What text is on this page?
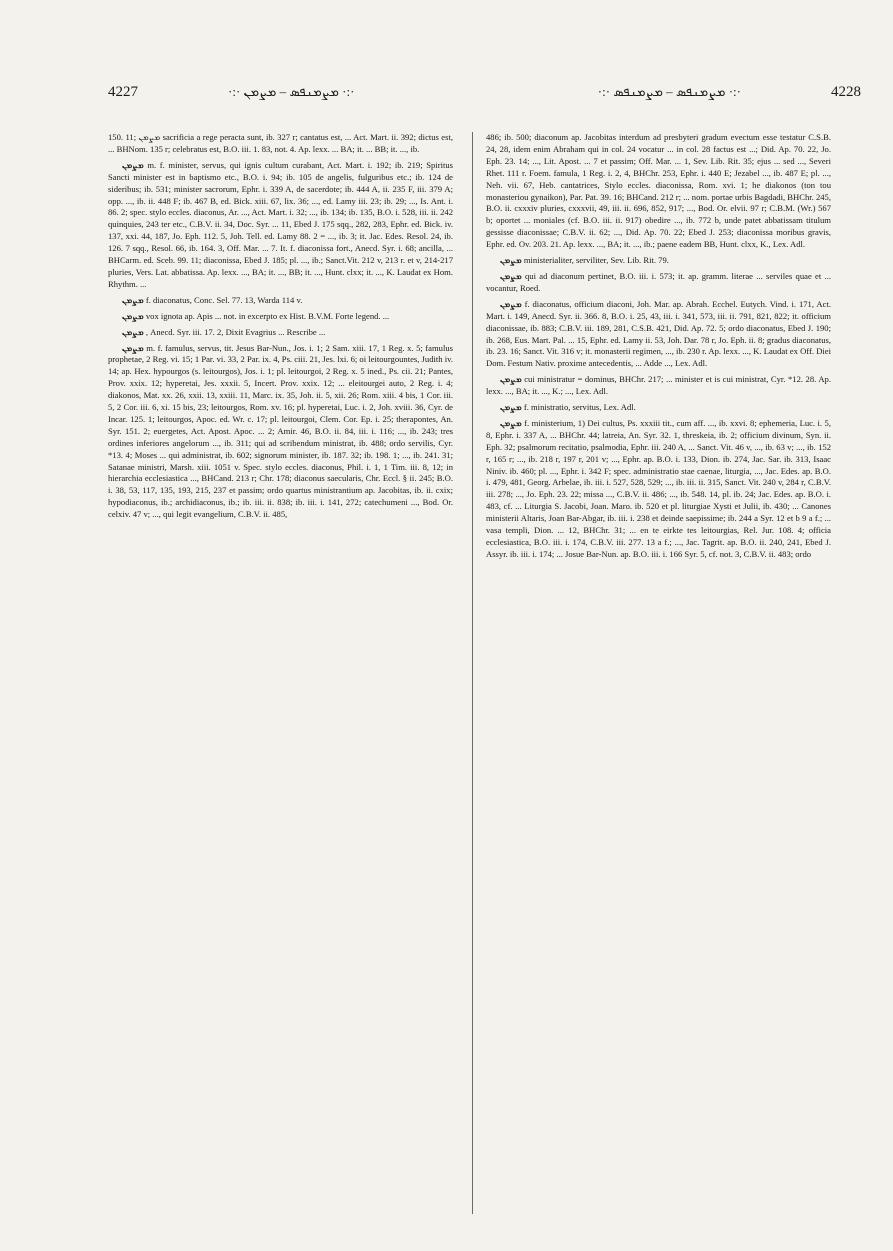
4227	·:· ܡܨܡܢܦܣ – ܡܨܡܢ ·:·	·:· ܡܨܡܢܦܣ – ܡܨܡܢܦܣ ·:·	4228

150. 11; ܡܨܡܢ sacrificia a rege peracta sunt, ib. 327 r; cantatus est, ... Act. Mart. ii. 392; dictus est, ... BHNom. 135 r; celebratus est, B.O. iii. 1. 83, not. 4. Ap. lexx. ... BA; it. ... BB; it. ..., ib.

ܡܨܡܢ m. f. minister, servus, qui ignis cultum curabant, Act. Mart. i. 192; ib. 219; Spiritus Sancti minister est in baptismo etc., B.O. i. 94; ib. 105 de angelis, fulguribus etc.; ib. 124 de sideribus; ib. 531; minister sacrorum, Ephr. i. 339 A, de sacerdote; ib. 444 A, ii. 235 F, iii. 379 A; opp. ..., ib. ii. 448 F; ib. 467 B, ed. Bick. xiii. 67, lix. 36; ..., ed. Lamy iii. 23; ib. 29; ..., Is. Ant. i. 86. 2; spec. stylo eccles. diaconus, Ar. ..., Act. Mart. i. 32; ..., ib. 134; ib. 135, B.O. i. 528, iii. ii. 242 quinquies, 243 ter etc., C.B.V. ii. 34, Doc. Syr. ... 11, Ebed J. 175 sqq., 282, 283, Ephr. ed. Bick. iv. 137, xxi. 44, 187, Jo. Eph. 112. 5, Joh. Tell. ed. Lamy 88. 2 = ..., ib. 3; it. Jac. Edes. Resol. 24, ib. 126. 7 sqq., Resol. 66, ib. 164. 3, Off. Mar. ... 7. It. f. diaconissa fort., Anecd. Syr. i. 68; ancilla, ... BHCarm. ed. Sceb. 99. 11; diaconissa, Ebed J. 185; pl. ..., ib.; Sanct.Vit. 212 v, 213 r. et v, 214-217 pluries, Vers. Lat. abbatissa. Ap. lexx. ..., BA; it. ..., BB; it. ..., Hunt. clxx; it. ..., K. Laudat ex Hom. Rhythm. ...

ܡܨܡܢ f. diaconatus, Conc. Sel. 77. 13, Warda 114 v.

ܡܨܡܢ vox ignota ap. Apis ... not. in excerpto ex Hist. B.V.M. Forte legend. ...

ܡܨܡܢ , Anecd. Syr. iii. 17. 2, Dixit Evagrius ... Rescribe ...

ܡܨܡܢ m. f. famulus, servus, tit. Jesus Bar-Nun., Jos. i. 1; 2 Sam. xiii. 17, 1 Reg. x. 5; famulus prophetae, 2 Reg. vi. 15; 1 Par. vi. 33, 2 Par. ix. 4, Ps. ciii. 21, Jes. lxi. 6; oi leitourgountes, Judith iv. 14; ap. Hex. hypourgos (s. leitourgos), Jos. i. 1; pl. leitourgoi, 2 Reg. x. 5 ined., Ps. cii. 21; Pantes, Prov. xxix. 12; hyperetai, Jes. xxxii. 5, Incert. Prov. xxix. 12; ... eleitourgei auto, 2 Reg. i. 4; diakonos, Mat. xx. 26, xxii. 13, xxiii. 11, Marc. ix. 35, Joh. ii. 5, xii. 26; Rom. xiii. 4 bis, 1 Cor. iii. 5, 2 Cor. iii. 6, xi. 15 bis, 23; leitourgos, Rom. xv. 16; pl. hyperetai, Luc. i. 2, Joh. xviii. 36, Cyr. de Incar. 125. 1; leitourgos, Apoc. ed. Wr. c. 17; pl. leitourgoi, Clem. Cor. Ep. i. 25; therapontes, An. Syr. 151. 2; euergetes, Act. Apost. Apoc. ... 2; Amir. 46, B.O. ii. 84, iii. i. 116; ..., ib. 243; tres ordines inferiores angelorum ..., ib. 311; qui ad scribendum ministrat, ib. 488; ordo servilis, Cyr. *13. 4; Moses ... qui administrat, ib. 602; signorum minister, ib. 187. 32; ib. 198. 1; ..., ib. 241. 31; Satanae ministri, Marsh. xiii. 1051 v. Spec. stylo eccles. diaconus, Phil. i. 1, 1 Tim. iii. 8, 12; in hierarchia ecclesiastica ..., BHCand. 213 r; Chr. 178; diaconus saecularis, Chr. Eccl. § ii. 245; B.O. i. 38, 53, 117, 135, 193, 215, 237 et passim; ordo quartus ministrantium ap. Jacobitas, ib. ii. cxix; hypodiaconus, ib.; archidiaconus, ib.; ib. iii. ii. 838; ib. iii. i. 141, 272; catechumeni ..., Bod. Or. celxiv. 47 v; ..., qui legit evangelium, C.B.V. ii. 485,

486; ib. 500; diaconum ap. Jacobitas interdum ad presbyteri gradum evectum esse testatur C.S.B. 24, 28, idem enim Abraham qui in col. 24 vocatur ... in col. 28 factus est ...; Did. Ap. 70. 22, Jo. Eph. 23. 14; ..., Lit. Apost. ... 7 et passim; Off. Mar. ... 1, Sev. Lib. Rit. 35; ejus ... sed ..., Severi Rhet. 111 r. Foem. famula, 1 Reg. i. 2, 4, BHChr. 253, Ephr. i. 440 E; Jezabel ..., ib. 487 E; pl. ..., Neh. vii. 67, Heb. cantatrices, Stylo eccles. diaconissa, Rom. xvi. 1; he diakonos (ton tou monasteriou gynaikon), Par. Pat. 39. 16; BHCand. 212 r; ... nom. portae urbis Bagdadi, BHChr. 245, B.O. ii. cxxxiv pluries, cxxxvii, 49, iii. ii. 696, 852, 917; ..., Bod. Or. elvii. 97 r; C.B.M. (Wr.) 567 b; oportet ... moniales (cf. B.O. iii. ii. 917) obedire ..., ib. 772 b, unde patet abbatissam titulum gessisse diaconissae; C.B.V. ii. 62; ..., Did. Ap. 70. 22; Ebed J. 253; diaconissa moribus gravis, Ephr. ed. Ov. 203. 21. Ap. lexx. ..., BA; it. ..., ib.; paene eadem BB, Hunt. clxx, K., Lex. Adl.

ܡܨܡܢ ministerialiter, serviliter, Sev. Lib. Rit. 79.

ܡܨܡܢ qui ad diaconum pertinet, B.O. iii. i. 573; it. ap. gramm. literae ... serviles quae et ... vocantur, Roed.

ܡܨܡܢ f. diaconatus, officium diaconi, Joh. Mar. ap. Abrah. Ecchel. Eutych. Vind. i. 171, Act. Mart. i. 149, Anecd. Syr. ii. 366. 8, B.O. i. 25, 43, iii. i. 341, 573, iii. ii. 791, 821, 822; it. officium diaconissae, ib. 883; C.B.V. iii. 189, 281, C.S.B. 421, Did. Ap. 72. 5; ordo diaconatus, Ebed J. 190; ib. 268, Eus. Mart. Pal. ... 15, Ephr. ed. Lamy ii. 53, Joh. Dar. 78 r, Jo. Eph. ii. 8; gradus diaconatus, ib. 23. 16; Sanct. Vit. 316 v; it. monasterii regimen, ..., ib. 230 r. Ap. lexx. ..., K. Laudat ex Off. Diei Dom. Festum Nativ. proxime antecedentis, ... Adde ..., Lex. Adl.

ܡܨܡܢ cui ministratur = dominus, BHChr. 217; ... minister et is cui ministrat, Cyr. *12. 28. Ap. lexx. ..., BA; it. ..., K.; ..., Lex. Adl.

ܡܨܡܢ f. ministratio, servitus, Lex. Adl.

ܡܨܡܢ f. ministerium, 1) Dei cultus, Ps. xxxiii tit., cum aff. ..., ib. xxvi. 8; ephemeria, Luc. i. 5, 8, Ephr. i. 337 A, ... BHChr. 44; latreia, An. Syr. 32. 1, threskeia, ib. 2; officium divinum, Syn. ii. Eph. 32; psalmorum recitatio, psalmodia, Ephr. iii. 240 A, ... Sanct. Vit. 46 v, ..., ib. 63 v; ..., ib. 152 r, 165 r; ..., ib. 218 r, 197 r, 201 v; ..., Ephr. ap. B.O. i. 133, Dion. ib. 274, Jac. Sar. ib. 313, Isaac Niniv. ib. 460; pl. ..., Ephr. i. 342 F; spec. administratio stae caenae, liturgia, ..., Jac. Edes. ap. B.O. i. 479, 481, Georg. Arbelae, ib. iii. i. 527, 528, 529; ..., ib. iii. ii. 315, Sanct. Vit. 240 v, 284 r, C.B.V. iii. 278; ..., Jo. Eph. 23. 22; missa ..., C.B.V. ii. 486; ..., ib. 548. 14, pl. ib. 24; Jac. Edes. ap. B.O. i. 483, cf. ... Liturgia S. Jacobi, Joan. Maro. ib. 520 et pl. liturgiae Xysti et Julii, ib. 430; ... Canones ministerii Altaris, Joan Bar-Abgar, ib. iii. i. 238 et deinde saepissime; ib. 244 a Syr. 12 et b 9 a f.; ... vasa templi, Dion. ... 12, BHChr. 31; ... en te eirkte tes leitourgias, Rel. Jur. 108. 4; officia ecclesiastica, B.O. iii. i. 174, C.B.V. iii. 277. 13 a f.; ..., Jac. Tagrit. ap. B.O. ii. 240, 241, Ebed J. Assyr. ib. iii. i. 174; ... Josue Bar-Nun. ap. B.O. iii. i. 166 Syr. 5, cf. not. 3, C.B.V. ii. 483; ordo
